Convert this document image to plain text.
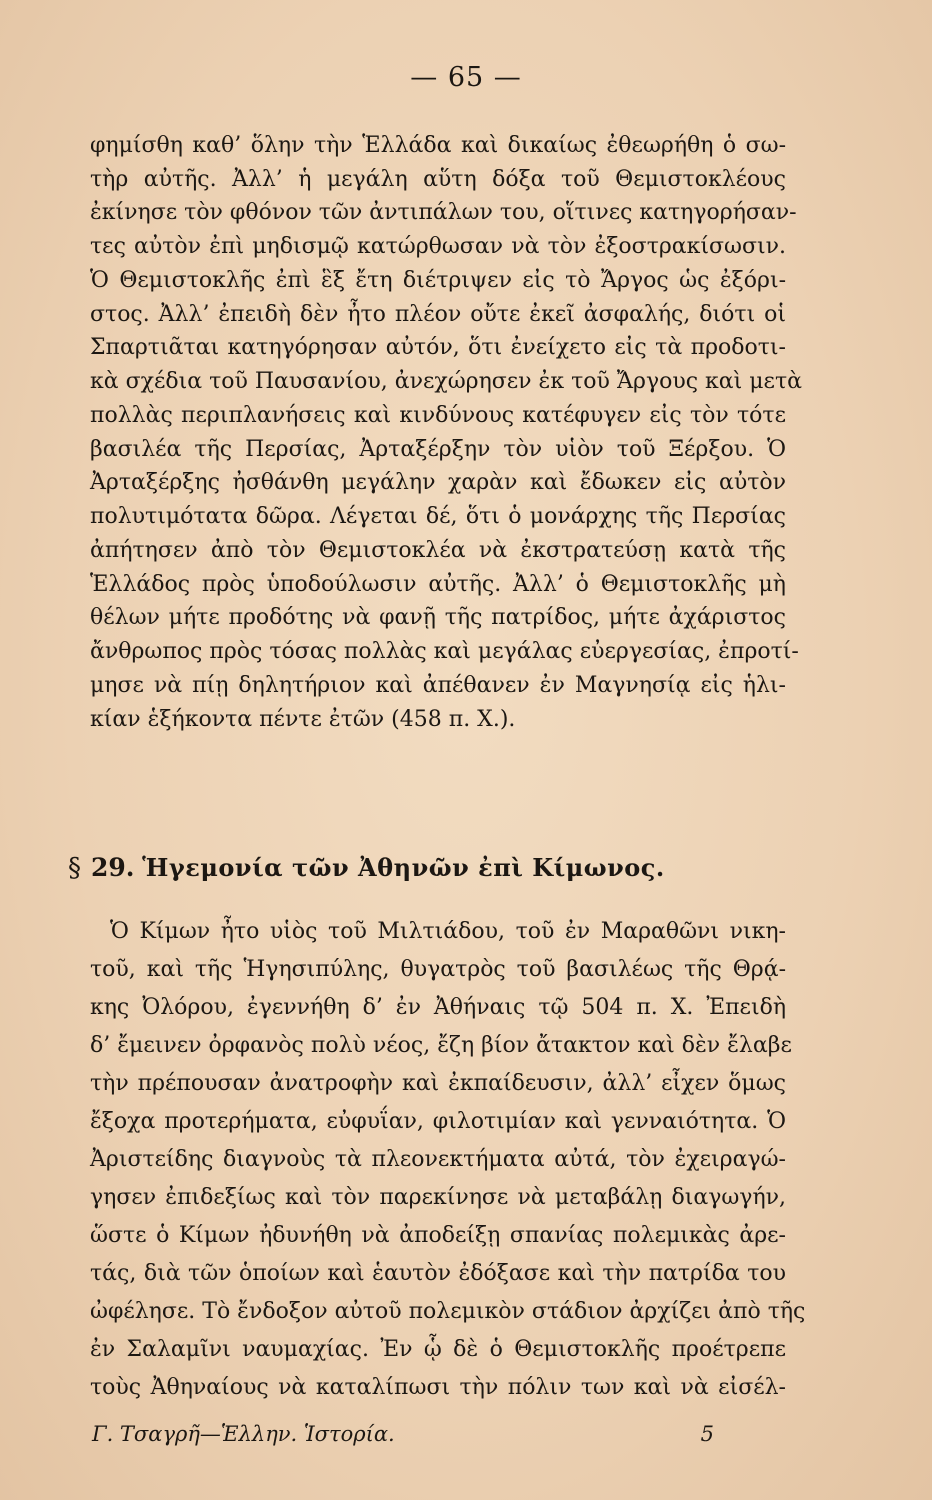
— 65 —
φημίσθη καθ’ ὅλην τὴν Ἑλλάδα καὶ δικαίως ἐθεωρήθη ὁ σω-
τὴρ αὐτῆς. Ἀλλ’ ἡ μεγάλη αὕτη δόξα τοῦ Θεμιστοκλέους
ἐκίνησε τὸν φθόνον τῶν ἀντιπάλων του, οἵτινες κατηγορήσαν-
τες αὐτὸν ἐπὶ μηδισμῷ κατώρθωσαν νὰ τὸν ἐξοστρακίσωσιν.
Ὁ Θεμιστοκλῆς ἐπὶ ἓξ ἔτη διέτριψεν εἰς τὸ Ἄργος ὡς ἐξόρι-
στος. Ἀλλ’ ἐπειδὴ δὲν ἦτο πλέον οὔτε ἐκεῖ ἀσφαλής, διότι οἱ
Σπαρτιᾶται κατηγόρησαν αὐτόν, ὅτι ἐνείχετο εἰς τὰ προδοτι-
κὰ σχέδια τοῦ Παυσανίου, ἀνεχώρησεν ἐκ τοῦ Ἄργους καὶ μετὰ
πολλὰς περιπλανήσεις καὶ κινδύνους κατέφυγεν εἰς τὸν τότε
βασιλέα τῆς Περσίας, Ἀρταξέρξην τὸν υἱὸν τοῦ Ξέρξου. Ὁ
Ἀρταξέρξης ἠσθάνθη μεγάλην χαρὰν καὶ ἔδωκεν εἰς αὐτὸν
πολυτιμότατα δῶρα. Λέγεται δέ, ὅτι ὁ μονάρχης τῆς Περσίας
ἀπήτησεν ἀπὸ τὸν Θεμιστοκλέα νὰ ἐκστρατεύσῃ κατὰ τῆς
Ἑλλάδος πρὸς ὑποδούλωσιν αὐτῆς. Ἀλλ’ ὁ Θεμιστοκλῆς μὴ
θέλων μήτε προδότης νὰ φανῇ τῆς πατρίδος, μήτε ἀχάριστος
ἄνθρωπος πρὸς τόσας πολλὰς καὶ μεγάλας εὐεργεσίας, ἐπροτί-
μησε νὰ πίῃ δηλητήριον καὶ ἀπέθανεν ἐν Μαγνησίᾳ εἰς ἡλι-
κίαν ἑξήκοντα πέντε ἐτῶν (458 π. Χ.).
§ 29. Ἡγεμονία τῶν Ἀθηνῶν ἐπὶ Κίμωνος.
Ὁ Κίμων ἦτο υἱὸς τοῦ Μιλτιάδου, τοῦ ἐν Μαραθῶνι νικη-
τοῦ, καὶ τῆς Ἡγησιπύλης, θυγατρὸς τοῦ βασιλέως τῆς Θρᾴ-
κης Ὀλόρου, ἐγεννήθη δ’ ἐν Ἀθήναις τῷ 504 π. Χ. Ἐπειδὴ
δ’ ἔμεινεν ὀρφανὸς πολὺ νέος, ἔζη βίον ἄτακτον καὶ δὲν ἔλαβε
τὴν πρέπουσαν ἀνατροφὴν καὶ ἐκπαίδευσιν, ἀλλ’ εἶχεν ὅμως
ἔξοχα προτερήματα, εὐφυΐαν, φιλοτιμίαν καὶ γενναιότητα. Ὁ
Ἀριστείδης διαγνοὺς τὰ πλεονεκτήματα αὐτά, τὸν ἐχειραγώ-
γησεν ἐπιδεξίως καὶ τὸν παρεκίνησε νὰ μεταβάλῃ διαγωγήν,
ὥστε ὁ Κίμων ἠδυνήθη νὰ ἀποδείξῃ σπανίας πολεμικὰς ἀρε-
τάς, διὰ τῶν ὁποίων καὶ ἑαυτὸν ἐδόξασε καὶ τὴν πατρίδα του
ὠφέλησε. Τὸ ἔνδοξον αὐτοῦ πολεμικὸν στάδιον ἀρχίζει ἀπὸ τῆς
ἐν Σαλαμῖνι ναυμαχίας. Ἐν ᾧ δὲ ὁ Θεμιστοκλῆς προέτρεπε
τοὺς Ἀθηναίους νὰ καταλίπωσι τὴν πόλιν των καὶ νὰ εἰσέλ-
Γ. Τσαγρῆ—Ἑλλην. Ἱστορία.	5
